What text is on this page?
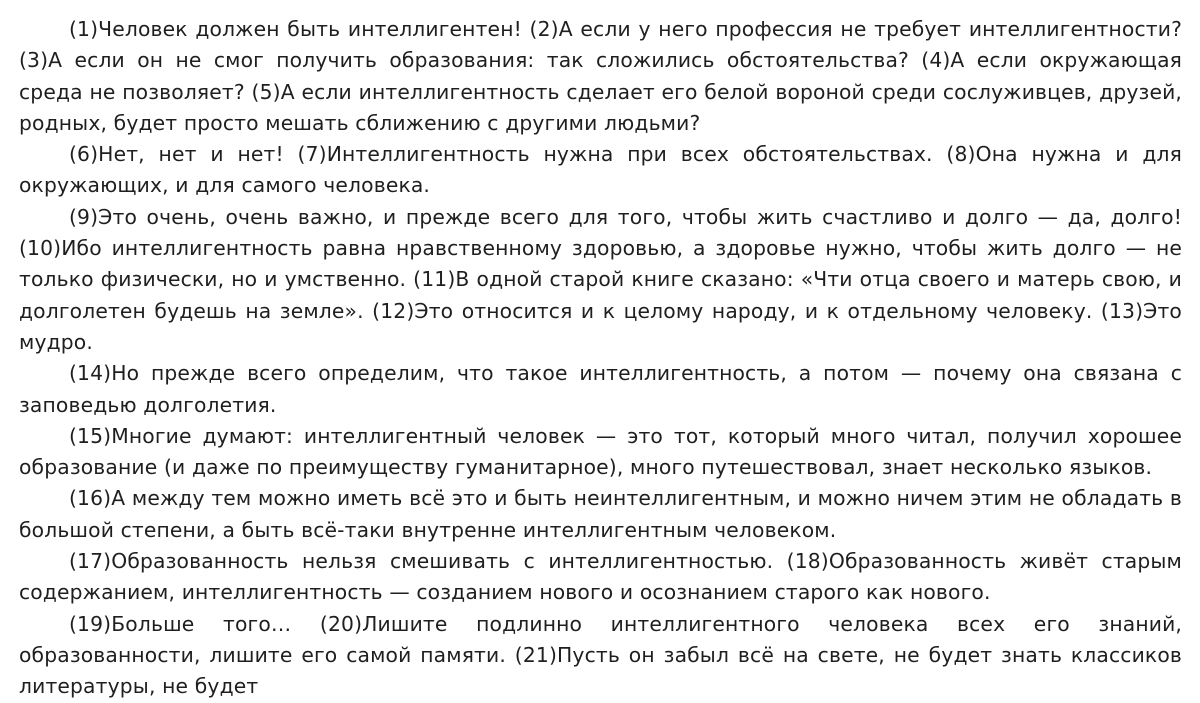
(1)Человек должен быть интеллигентен! (2)А если у него профессия не требует интеллигентности? (3)А если он не смог получить образования: так сложились обстоятельства? (4)А если окружающая среда не позволяет? (5)А если интеллигентность сделает его белой вороной среди сослуживцев, друзей, родных, будет просто мешать сближению с другими людьми?

(6)Нет, нет и нет! (7)Интеллигентность нужна при всех обстоятельствах. (8)Она нужна и для окружающих, и для самого человека.

(9)Это очень, очень важно, и прежде всего для того, чтобы жить счастливо и долго — да, долго! (10)Ибо интеллигентность равна нравственному здоровью, а здоровье нужно, чтобы жить долго — не только физически, но и умственно. (11)В одной старой книге сказано: «Чти отца своего и матерь свою, и долголетен будешь на земле». (12)Это относится и к целому народу, и к отдельному человеку. (13)Это мудро.

(14)Но прежде всего определим, что такое интеллигентность, а потом — почему она связана с заповедью долголетия.

(15)Многие думают: интеллигентный человек — это тот, который много читал, получил хорошее образование (и даже по преимуществу гуманитарное), много путешествовал, знает несколько языков.

(16)А между тем можно иметь всё это и быть неинтеллигентным, и можно ничем этим не обладать в большой степени, а быть всё-таки внутренне интеллигентным человеком.

(17)Образованность нельзя смешивать с интеллигентностью. (18)Образованность живёт старым содержанием, интеллигентность — созданием нового и осознанием старого как нового.

(19)Больше того… (20)Лишите подлинно интеллигентного человека всех его знаний, образованности, лишите его самой памяти. (21)Пусть он забыл всё на свете, не будет знать классиков литературы, не будет
